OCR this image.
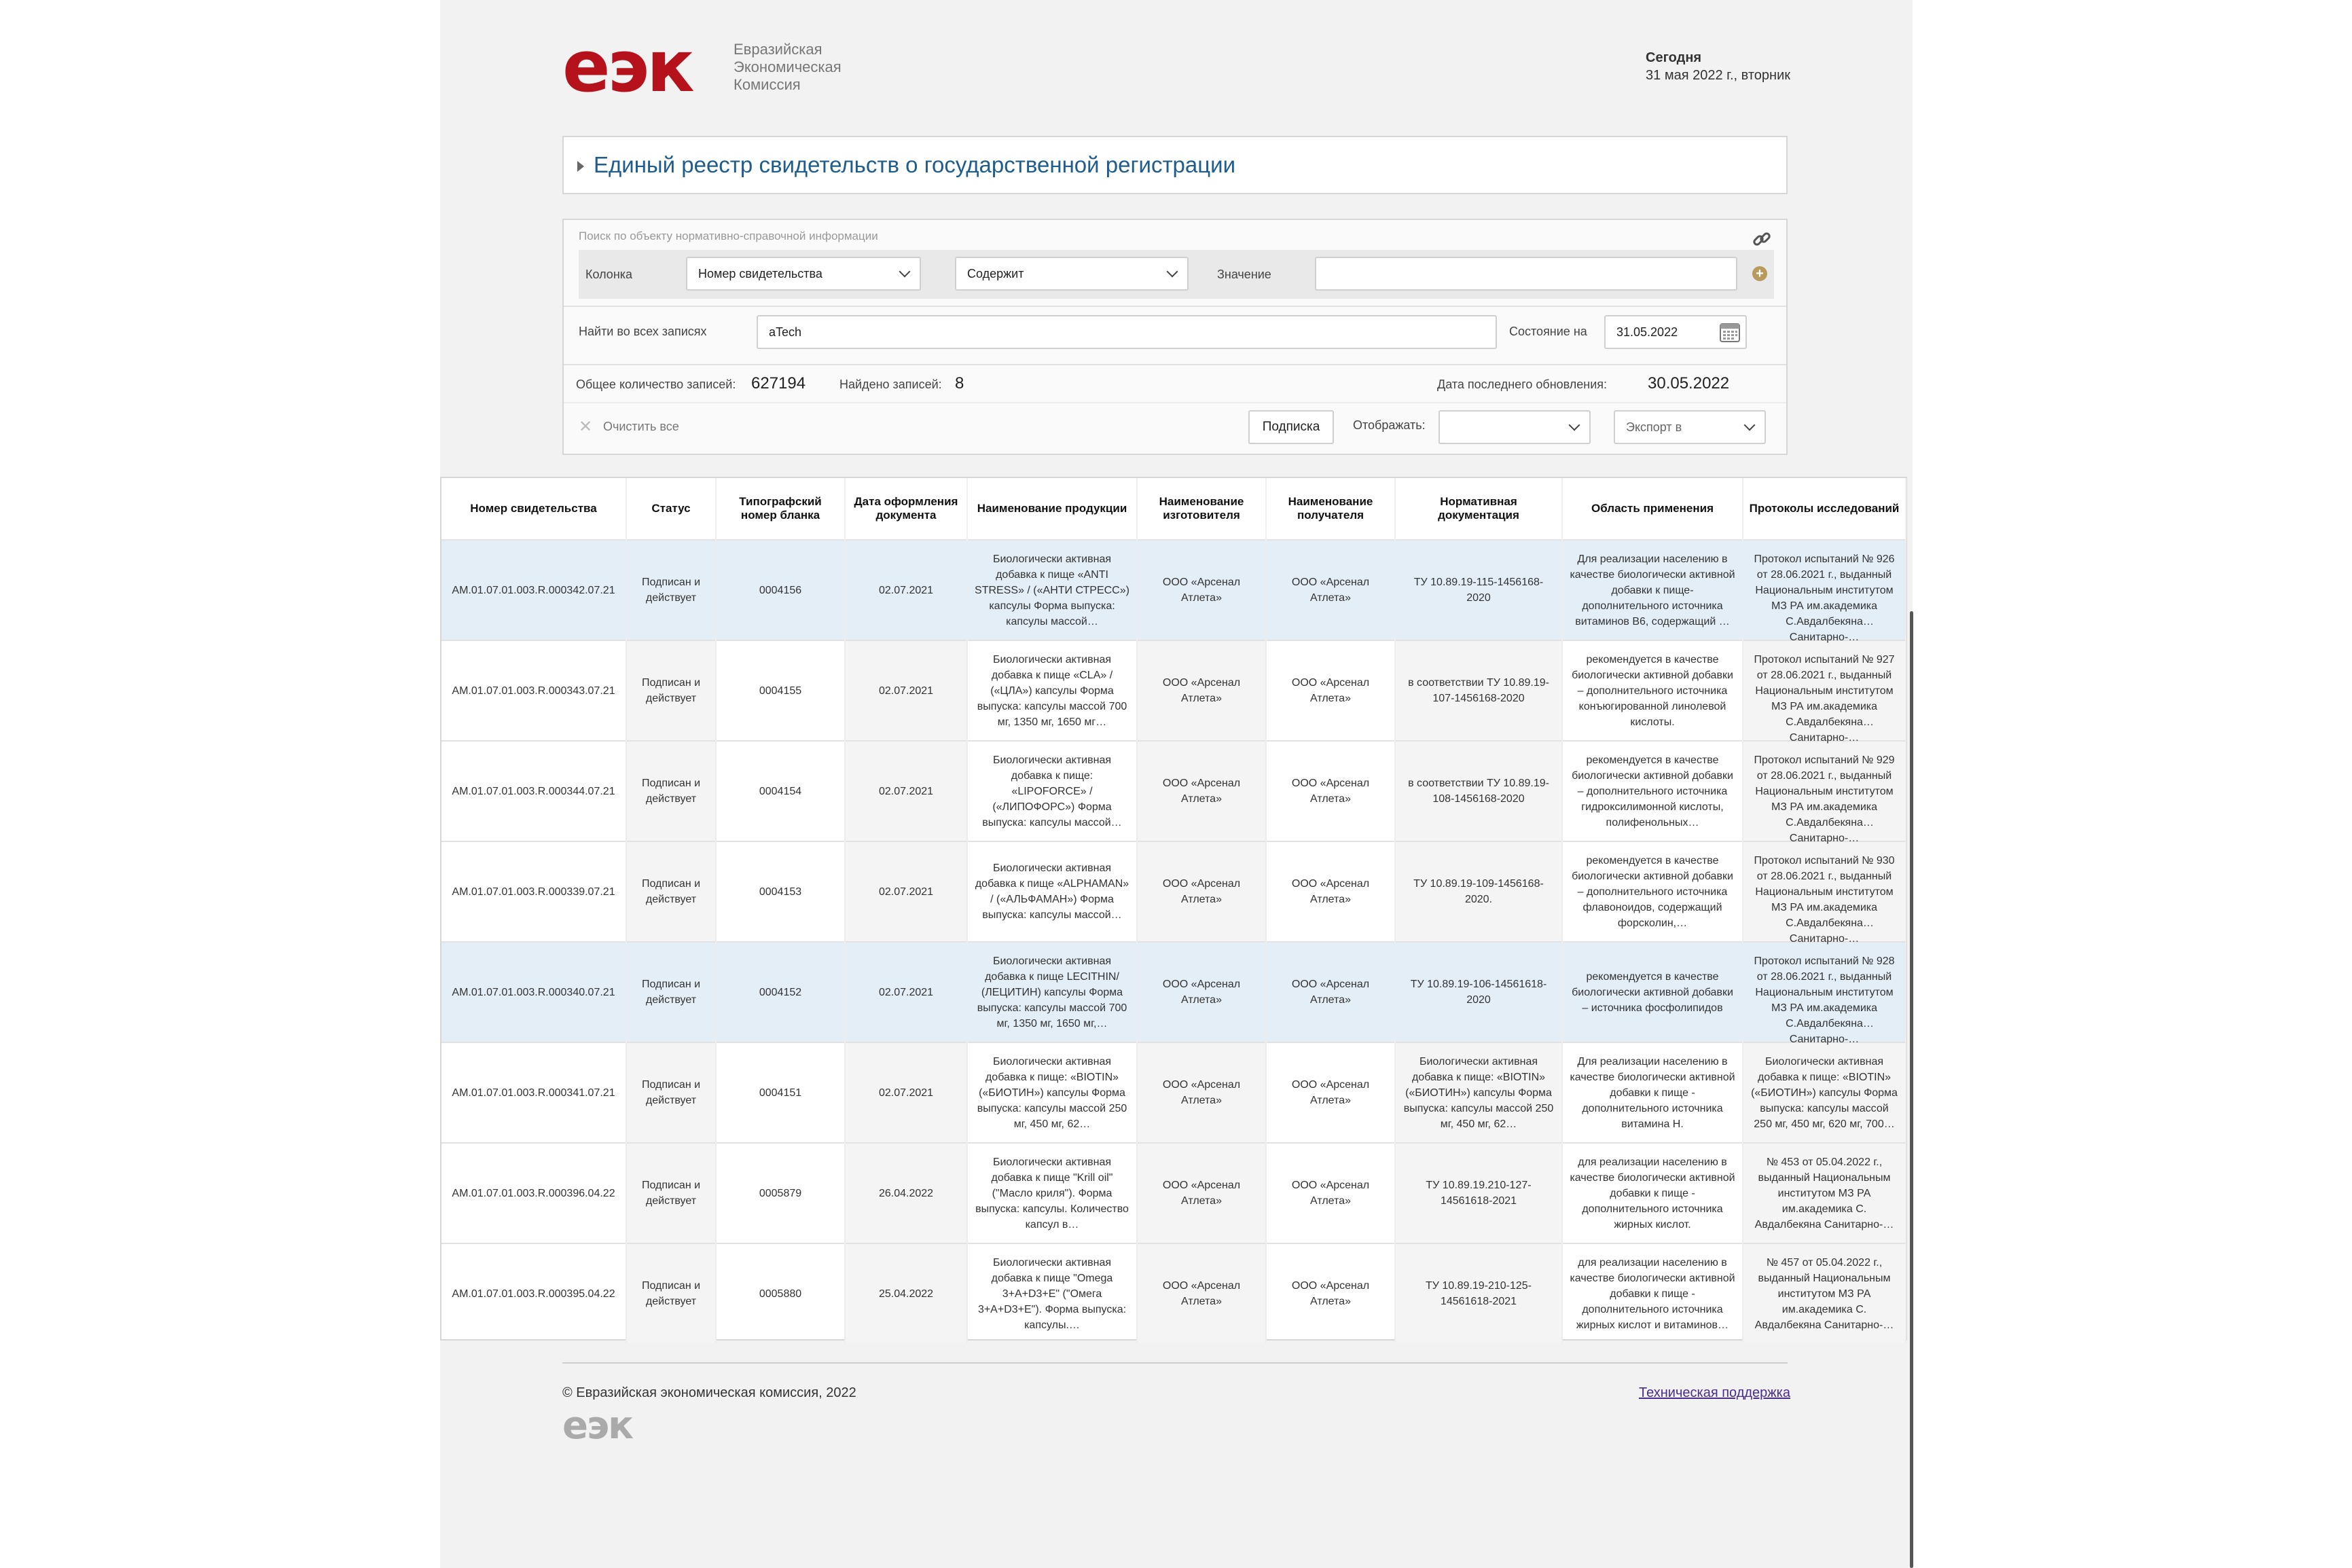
еэк	Евразийская
Экономическая
Комиссия
Сегодня
31 мая 2022 г., вторник
Единый реестр свидетельств о государственной регистрации
Поиск по объекту нормативно-справочной информации
Колонка	Номер свидетельства	Содержит	Значение	+
Найти во всех записях	aTech	Состояние на	31.05.2022
Общее количество записей: 627194	Найдено записей: 8	Дата последнего обновления: 30.05.2022
✕ Очистить все	Подписка	Отображать:	Экспорт в
Номер свидетельства	Статус	Типографский номер бланка	Дата оформления документа	Наименование продукции	Наименование изготовителя	Наименование получателя	Нормативная документация	Область применения	Протоколы исследований

AM.01.07.01.003.R.000342.07.21	Подписан и действует	0004156	02.07.2021	Биологически активная добавка к пище «ANTI STRESS» / («АНТИ СТРЕСС») капсулы Форма выпуска: капсулы массой…	ООО «Арсенал Атлета»	ООО «Арсенал Атлета»	ТУ 10.89.19-115-1456168-2020	Для реализации населению в качестве биологически активной добавки к пище-дополнительного источника витаминов B6, содержащий …	Протокол испытаний № 926 от 28.06.2021 г., выданный Национальным институтом МЗ РА им.академика С.Авдалбекяна Санитарно-…

AM.01.07.01.003.R.000343.07.21	Подписан и действует	0004155	02.07.2021	Биологически активная добавка к пище «CLA» / («ЦЛА») капсулы Форма выпуска: капсулы массой 700 мг, 1350 мг, 1650 мг…	ООО «Арсенал Атлета»	ООО «Арсенал Атлета»	в соответствии ТУ 10.89.19-107-1456168-2020	рекомендуется в качестве биологически активной добавки – дополнительного источника конъюгированной линолевой кислоты.	Протокол испытаний № 927 от 28.06.2021 г., выданный Национальным институтом МЗ РА им.академика С.Авдалбекяна Санитарно-…

AM.01.07.01.003.R.000344.07.21	Подписан и действует	0004154	02.07.2021	Биологически активная добавка к пище: «LIPOFORCE» / («ЛИПОФОРС») Форма выпуска: капсулы массой…	ООО «Арсенал Атлета»	ООО «Арсенал Атлета»	в соответствии ТУ 10.89.19-108-1456168-2020	рекомендуется в качестве биологически активной добавки – дополнительного источника гидроксилимонной кислоты, полифенольных…	Протокол испытаний № 929 от 28.06.2021 г., выданный Национальным институтом МЗ РА им.академика С.Авдалбекяна Санитарно-…

AM.01.07.01.003.R.000339.07.21	Подписан и действует	0004153	02.07.2021	Биологически активная добавка к пище «ALPHAMAN» / («АЛЬФАМАН») Форма выпуска: капсулы массой…	ООО «Арсенал Атлета»	ООО «Арсенал Атлета»	ТУ 10.89.19-109-1456168-2020.	рекомендуется в качестве биологически активной добавки – дополнительного источника флавоноидов, содержащий форсколин,…	Протокол испытаний № 930 от 28.06.2021 г., выданный Национальным институтом МЗ РА им.академика С.Авдалбекяна Санитарно-…

AM.01.07.01.003.R.000340.07.21	Подписан и действует	0004152	02.07.2021	Биологически активная добавка к пище LECITHIN/ (ЛЕЦИТИН) капсулы Форма выпуска: капсулы массой 700 мг, 1350 мг, 1650 мг,…	ООО «Арсенал Атлета»	ООО «Арсенал Атлета»	ТУ 10.89.19-106-14561618-2020	рекомендуется в качестве биологически активной добавки – источника фосфолипидов	Протокол испытаний № 928 от 28.06.2021 г., выданный Национальным институтом МЗ РА им.академика С.Авдалбекяна Санитарно-…

AM.01.07.01.003.R.000341.07.21	Подписан и действует	0004151	02.07.2021	Биологически активная добавка к пище: «BIOTIN» («БИОТИН») капсулы Форма выпуска: капсулы массой 250 мг, 450 мг, 62…	ООО «Арсенал Атлета»	ООО «Арсенал Атлета»	Биологически активная добавка к пище: «BIOTIN» («БИОТИН») капсулы Форма выпуска: капсулы массой 250 мг, 450 мг, 62…	Для реализации населению в качестве биологически активной добавки к пище - дополнительного источника витамина Н.	Биологически активная добавка к пище: «BIOTIN» («БИОТИН») капсулы Форма выпуска: капсулы массой 250 мг, 450 мг, 620 мг, 700…

AM.01.07.01.003.R.000396.04.22	Подписан и действует	0005879	26.04.2022	Биологически активная добавка к пище "Krill oil" ("Масло криля"). Форма выпуска: капсулы. Количество капсул в…	ООО «Арсенал Атлета»	ООО «Арсенал Атлета»	ТУ 10.89.19.210-127-14561618-2021	для реализации населению в качестве биологически активной добавки к пище - дополнительного источника жирных кислот.	№ 453 от 05.04.2022 г., выданный Национальным институтом МЗ РА им.академика С. Авдалбекяна Санитарно-…

AM.01.07.01.003.R.000395.04.22	Подписан и действует	0005880	25.04.2022	Биологически активная добавка к пище "Omega 3+A+D3+E" ("Омега 3+A+D3+E"). Форма выпуска: капсулы.…	ООО «Арсенал Атлета»	ООО «Арсенал Атлета»	ТУ 10.89.19-210-125-14561618-2021	для реализации населению в качестве биологически активной добавки к пище - дополнительного источника жирных кислот и витаминов…	№ 457 от 05.04.2022 г., выданный Национальным институтом МЗ РА им.академика С. Авдалбекяна Санитарно-…
© Евразийская экономическая комиссия, 2022	Техническая поддержка
еэк
